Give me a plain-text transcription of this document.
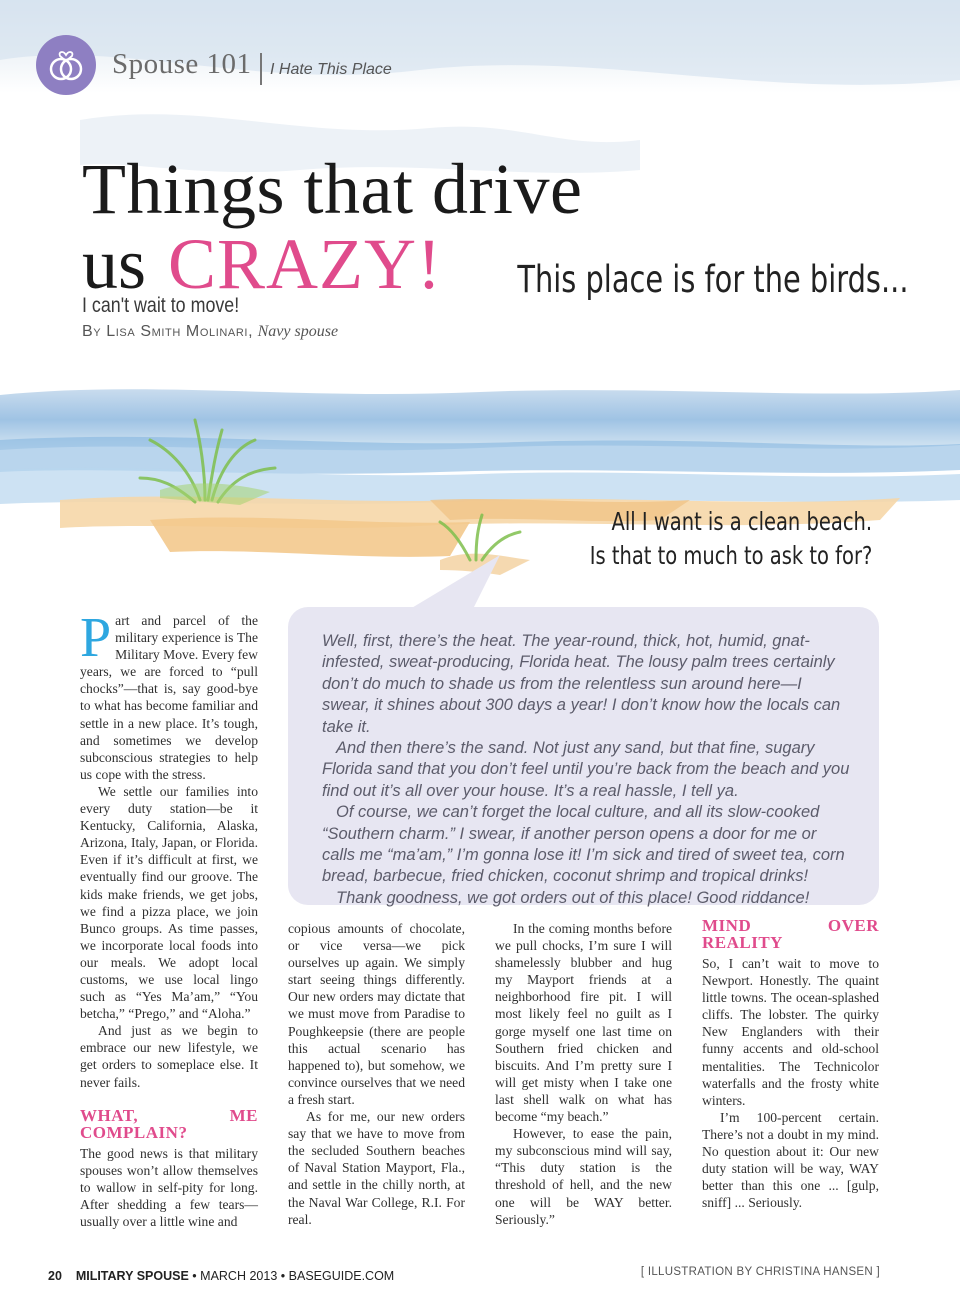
Spouse 101 I Hate This Place
Things that drive
us CRAZY!
I can't wait to move!
By Lisa Smith Molinari, Navy spouse
This place is for the birds...
All I want is a clean beach.
Is that to much to ask to for?

Well, first, there’s the heat. The year-round, thick, hot, humid, gnat-infested, sweat-producing, Florida heat. The lousy palm trees certainly don’t do much to shade us from the relentless sun around here—I swear, it shines about 300 days a year! I don’t know how the locals can take it.

And then there’s the sand. Not just any sand, but that fine, sugary Florida sand that you don’t feel until you’re back from the beach and you find out it’s all over your house. It’s a real hassle, I tell ya.

Of course, we can’t forget the local culture, and all its slow-cooked “Southern charm.” I swear, if another person opens a door for me or calls me “ma’am,” I’m gonna lose it! I’m sick and tired of sweet tea, corn bread, barbecue, fried chicken, coconut shrimp and tropical drinks!

Thank goodness, we got orders out of this place! Good riddance!

Part and parcel of the military experience is The Military Move. Every few years, we are forced to “pull chocks”—that is, say good-bye to what has become familiar and settle in a new place. It’s tough, and sometimes we develop subconscious strategies to help us cope with the stress.

We settle our families into every duty station—be it Kentucky, California, Alaska, Arizona, Italy, Japan, or Florida. Even if it’s difficult at first, we eventually find our groove. The kids make friends, we get jobs, we find a pizza place, we join Bunco groups. As time passes, we incorporate local foods into our meals. We adopt local customs, we use local lingo such as “Yes Ma’am,” “You betcha,” “Prego,” and “Aloha.”

And just as we begin to embrace our new lifestyle, we get orders to someplace else. It never fails.

WHAT, ME COMPLAIN?

The good news is that military spouses won’t allow themselves to wallow in self-pity for long. After shedding a few tears—usually over a little wine and

copious amounts of chocolate, or vice versa—we pick ourselves up again. We simply start seeing things differently. Our new orders may dictate that we must move from Paradise to Poughkeepsie (there are people this actual scenario has happened to), but somehow, we convince ourselves that we need a fresh start.

As for me, our new orders say that we have to move from the secluded Southern beaches of Naval Station Mayport, Fla., and settle in the chilly north, at the Naval War College, R.I. For real.

In the coming months before we pull chocks, I’m sure I will shamelessly blubber and hug my Mayport friends at a neighborhood fire pit. I will most likely feel no guilt as I gorge myself one last time on Southern fried chicken and biscuits. And I’m pretty sure I will get misty when I take one last shell walk on what has become “my beach.”

However, to ease the pain, my subconscious mind will say, “This duty station is the threshold of hell, and the new one will be WAY better. Seriously.”

MIND OVER REALITY

So, I can’t wait to move to Newport. Honestly. The quaint little towns. The ocean-splashed cliffs. The lobster. The quirky New Englanders with their funny accents and old-school mentalities. The Technicolor waterfalls and the frosty white winters.

I’m 100-percent certain. There’s not a doubt in my mind. No question about it: Our new duty station will be way, WAY better than this one ... [gulp, sniff] ... Seriously.

20 MILITARY SPOUSE • MARCH 2013 • BASEGUIDE.COM	[ ILLUSTRATION BY CHRISTINA HANSEN ]
